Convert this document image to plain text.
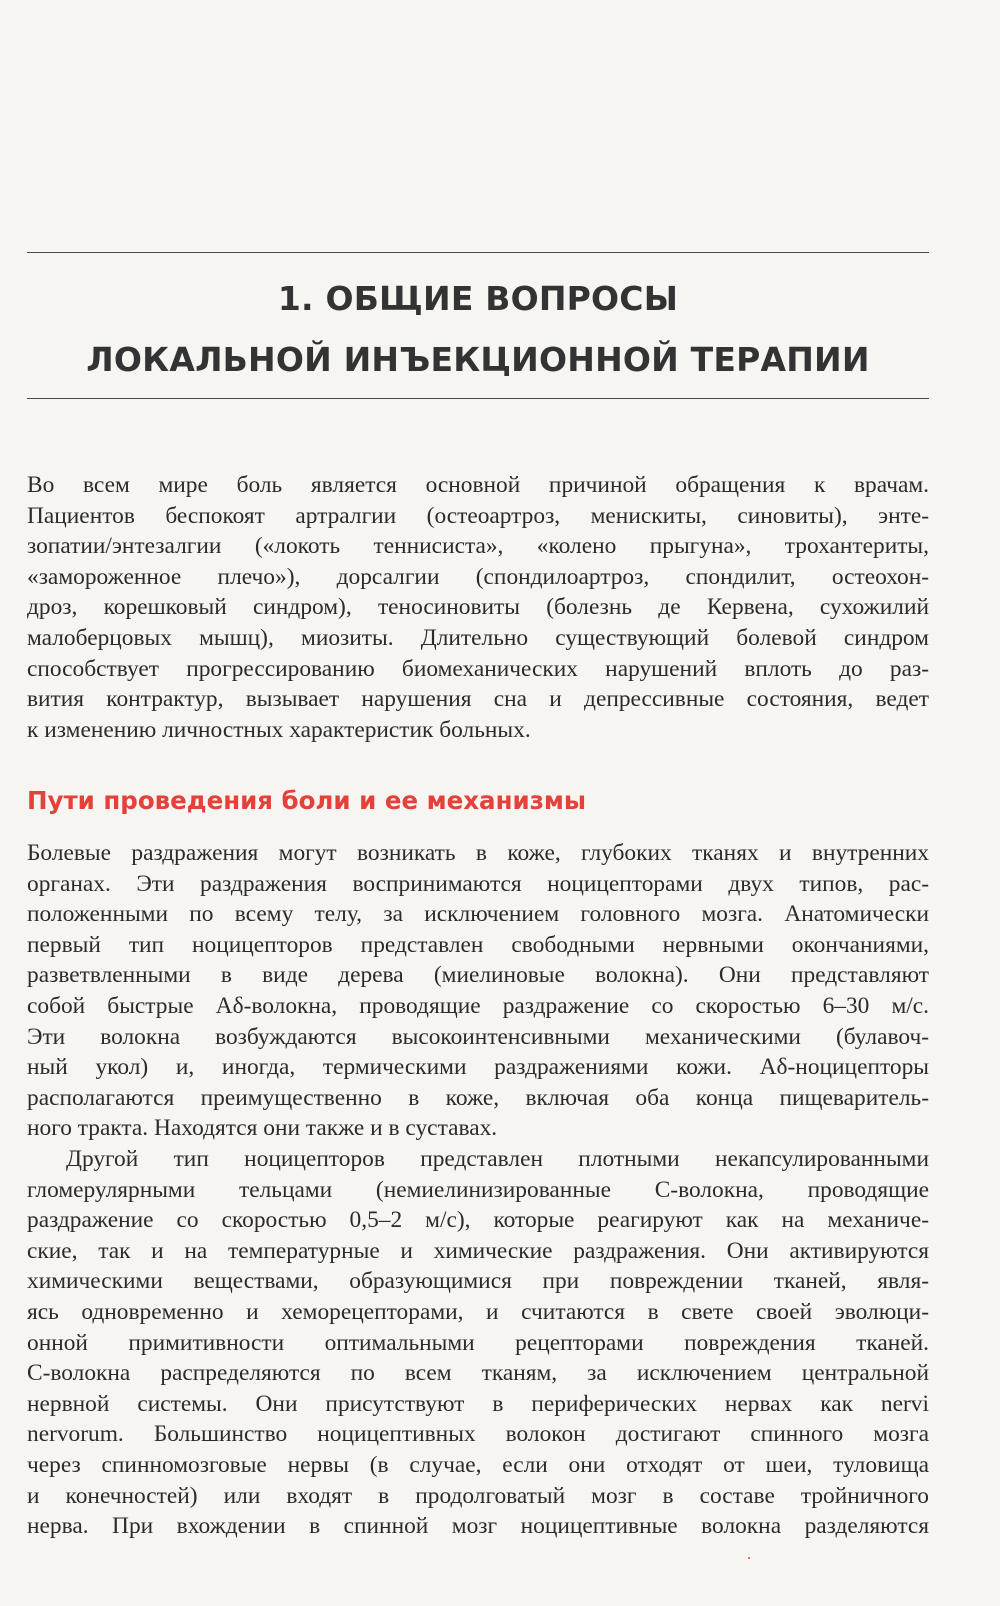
1. ОБЩИЕ ВОПРОСЫ
ЛОКАЛЬНОЙ ИНЪЕКЦИОННОЙ ТЕРАПИИ
Во всем мире боль является основной причиной обращения к врачам.
Пациентов беспокоят артралгии (остеоартроз, менискиты, синовиты), энте-
зопатии/энтезалгии («локоть теннисиста», «колено прыгуна», трохантериты,
«замороженное плечо»), дорсалгии (спондилоартроз, спондилит, остеохон-
дроз, корешковый синдром), теносиновиты (болезнь де Кервена, сухожилий
малоберцовых мышц), миозиты. Длительно существующий болевой синдром
способствует прогрессированию биомеханических нарушений вплоть до раз-
вития контрактур, вызывает нарушения сна и депрессивные состояния, ведет
к изменению личностных характеристик больных.
Пути проведения боли и ее механизмы
Болевые раздражения могут возникать в коже, глубоких тканях и внутренних
органах. Эти раздражения воспринимаются ноцицепторами двух типов, рас-
положенными по всему телу, за исключением головного мозга. Анатомически
первый тип ноцицепторов представлен свободными нервными окончаниями,
разветвленными в виде дерева (миелиновые волокна). Они представляют
собой быстрые Аδ-волокна, проводящие раздражение со скоростью 6–30 м/с.
Эти волокна возбуждаются высокоинтенсивными механическими (булавоч-
ный укол) и, иногда, термическими раздражениями кожи. Аδ-ноцицепторы
располагаются преимущественно в коже, включая оба конца пищеваритель-
ного тракта. Находятся они также и в суставах.
Другой тип ноцицепторов представлен плотными некапсулированными
гломерулярными тельцами (немиелинизированные С-волокна, проводящие
раздражение со скоростью 0,5–2 м/с), которые реагируют как на механиче-
ские, так и на температурные и химические раздражения. Они активируются
химическими веществами, образующимися при повреждении тканей, явля-
ясь одновременно и хеморецепторами, и считаются в свете своей эволюци-
онной примитивности оптимальными рецепторами повреждения тканей.
С-волокна распределяются по всем тканям, за исключением центральной
нервной системы. Они присутствуют в периферических нервах как nervi
nervorum. Большинство ноцицептивных волокон достигают спинного мозга
через спинномозговые нервы (в случае, если они отходят от шеи, туловища
и конечностей) или входят в продолговатый мозг в составе тройничного
нерва. При вхождении в спинной мозг ноцицептивные волокна разделяются
